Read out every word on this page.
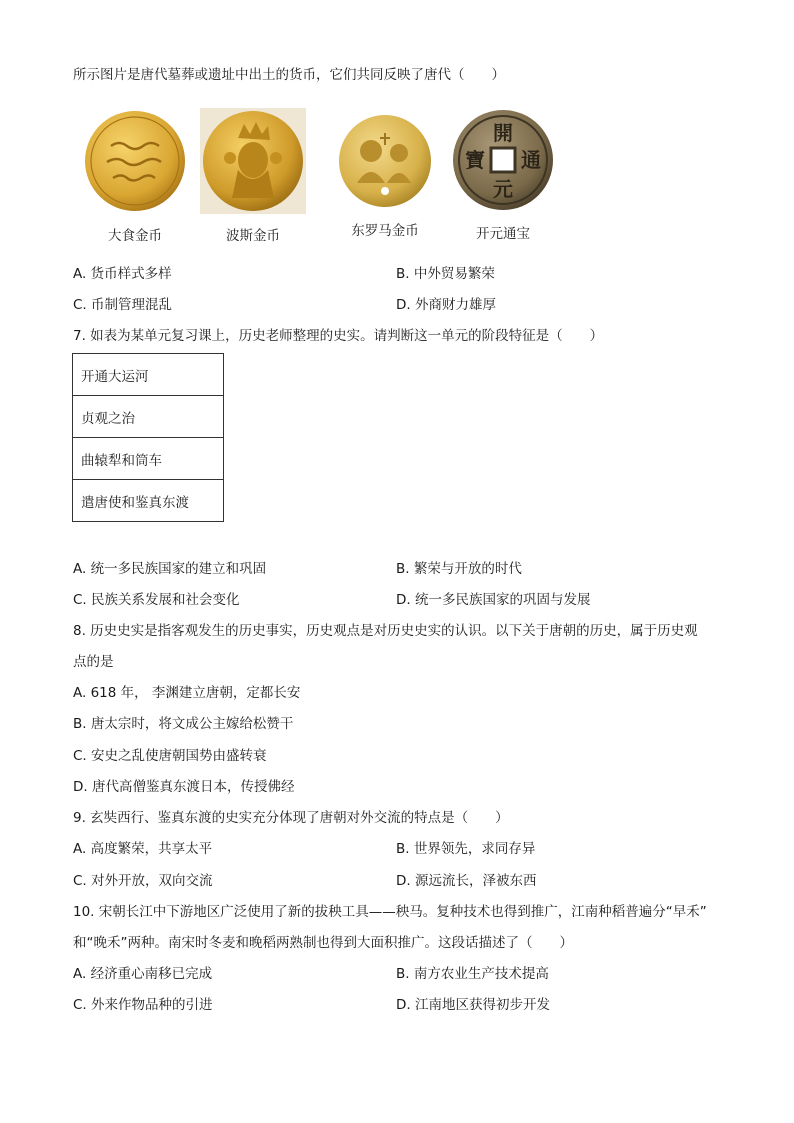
所示图片是唐代墓葬或遗址中出土的货币，它们共同反映了唐代（　　）
大食金币	波斯金币	东罗马金币
開
元
通
寶
开元通宝
A. 货币样式多样	B. 中外贸易繁荣
C. 币制管理混乱	D. 外商财力雄厚
7. 如表为某单元复习课上，历史老师整理的史实。请判断这一单元的阶段特征是（　　）
开通大运河
贞观之治
曲辕犁和筒车
遣唐使和鉴真东渡
A. 统一多民族国家的建立和巩固	B. 繁荣与开放的时代
C. 民族关系发展和社会变化	D. 统一多民族国家的巩固与发展
8. 历史史实是指客观发生的历史事实，历史观点是对历史史实的认识。以下关于唐朝的历史，属于历史观
点的是
A. 618 年， 李渊建立唐朝，定都长安
B. 唐太宗时，将文成公主嫁给松赞干
C. 安史之乱使唐朝国势由盛转衰
D. 唐代高僧鉴真东渡日本，传授佛经
9. 玄奘西行、鉴真东渡的史实充分体现了唐朝对外交流的特点是（　　）
A. 高度繁荣，共享太平	B. 世界领先，求同存异
C. 对外开放，双向交流	D. 源远流长，泽被东西
10. 宋朝长江中下游地区广泛使用了新的拔秧工具——秧马。复种技术也得到推广，江南种稻普遍分“早禾”
和“晚禾”两种。南宋时冬麦和晚稻两熟制也得到大面积推广。这段话描述了（　　）
A. 经济重心南移已完成	B. 南方农业生产技术提高
C. 外来作物品种的引进	D. 江南地区获得初步开发
